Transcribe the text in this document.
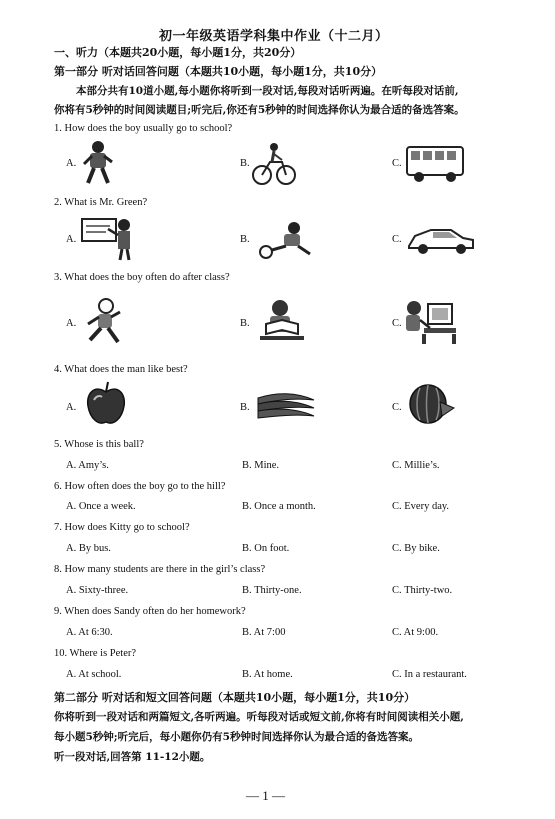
初一年级英语学科集中作业（十二月）
一、听力（本题共20小题，每小题1分，共20分）
第一部分 听对话回答问题（本题共10小题，每小题1分，共10分）
本部分共有10道小题,每小题你将听到一段对话,每段对话听两遍。在听每段对话前,
你将有5秒钟的时间阅读题目;听完后,你还有5秒钟的时间选择你认为最合适的备选答案。
1. How does the boy usually go to school?
A.	B.	C.
2. What is Mr. Green?
A.	B.	C.
3. What does the boy often do after class?
A.	B.	C.
4. What does the man like best?
A.	B.	C.
5. Whose is this ball?
A. Amy’s.	B. Mine.	C. Millie’s.
6. How often does the boy go to the hill?
A. Once a week.	B. Once a month.	C. Every day.
7. How does Kitty go to school?
A. By bus.	B. On foot.	C. By bike.
8. How many students are there in the girl’s class?
A. Sixty-three.	B. Thirty-one.	C. Thirty-two.
9. When does Sandy often do her homework?
A. At 6:30.	B. At 7:00	C. At 9:00.
10. Where is Peter?
A. At school.	B. At home.	C. In a restaurant.
第二部分 听对话和短文回答问题（本题共10小题，每小题1分，共10分）
你将听到一段对话和两篇短文,各听两遍。听每段对话或短文前,你将有时间阅读相关小题,
每小题5秒钟;听完后，每小题你仍有5秒钟时间选择你认为最合适的备选答案。
听一段对话,回答第 11-12小题。
— 1 —
